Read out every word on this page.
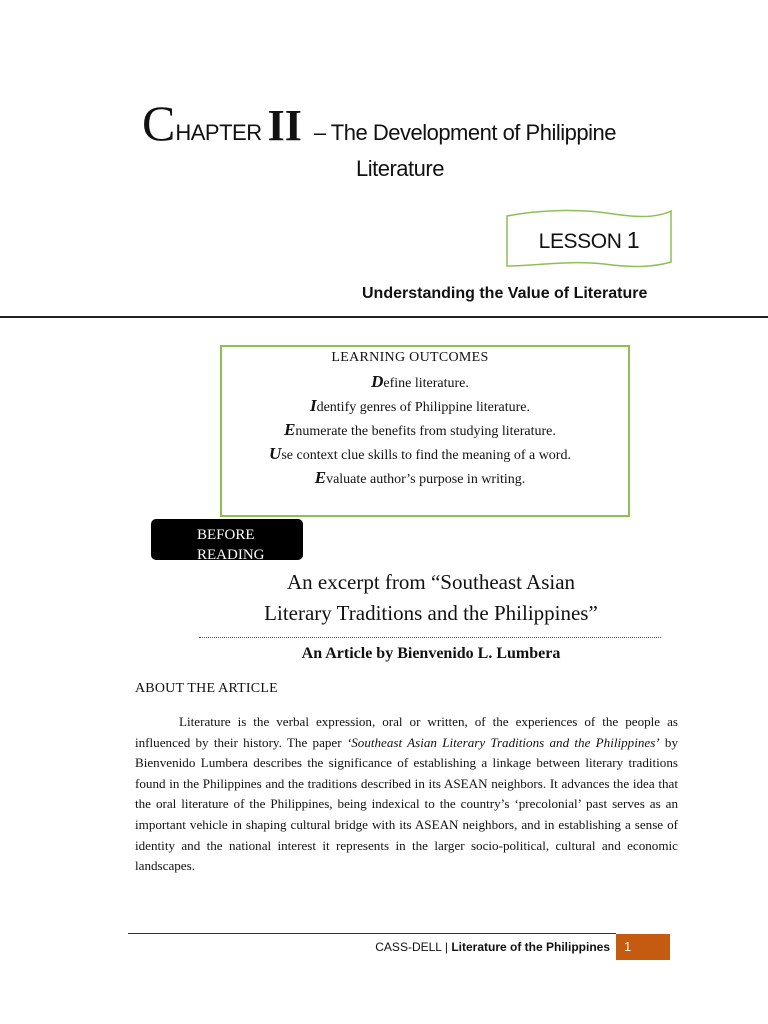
CHAPTER II – The Development of Philippine
Literature
LESSON 1
Understanding the Value of Literature
LEARNING OUTCOMES
Define literature.
Identify genres of Philippine literature.
Enumerate the benefits from studying literature.
Use context clue skills to find the meaning of a word.
Evaluate author’s purpose in writing.
BEFORE READING
An excerpt from “Southeast Asian
Literary Traditions and the Philippines”
An Article by Bienvenido L. Lumbera
ABOUT THE ARTICLE
Literature is the verbal expression, oral or written, of the experiences of the people as influenced by their history. The paper ‘Southeast Asian Literary Traditions and the Philippines’ by Bienvenido Lumbera describes the significance of establishing a linkage between literary traditions found in the Philippines and the traditions described in its ASEAN neighbors. It advances the idea that the oral literature of the Philippines, being indexical to the country’s ‘precolonial’ past serves as an important vehicle in shaping cultural bridge with its ASEAN neighbors, and in establishing a sense of identity and the national interest it represents in the larger socio-political, cultural and economic landscapes.
CASS-DELL | Literature of the Philippines 1
